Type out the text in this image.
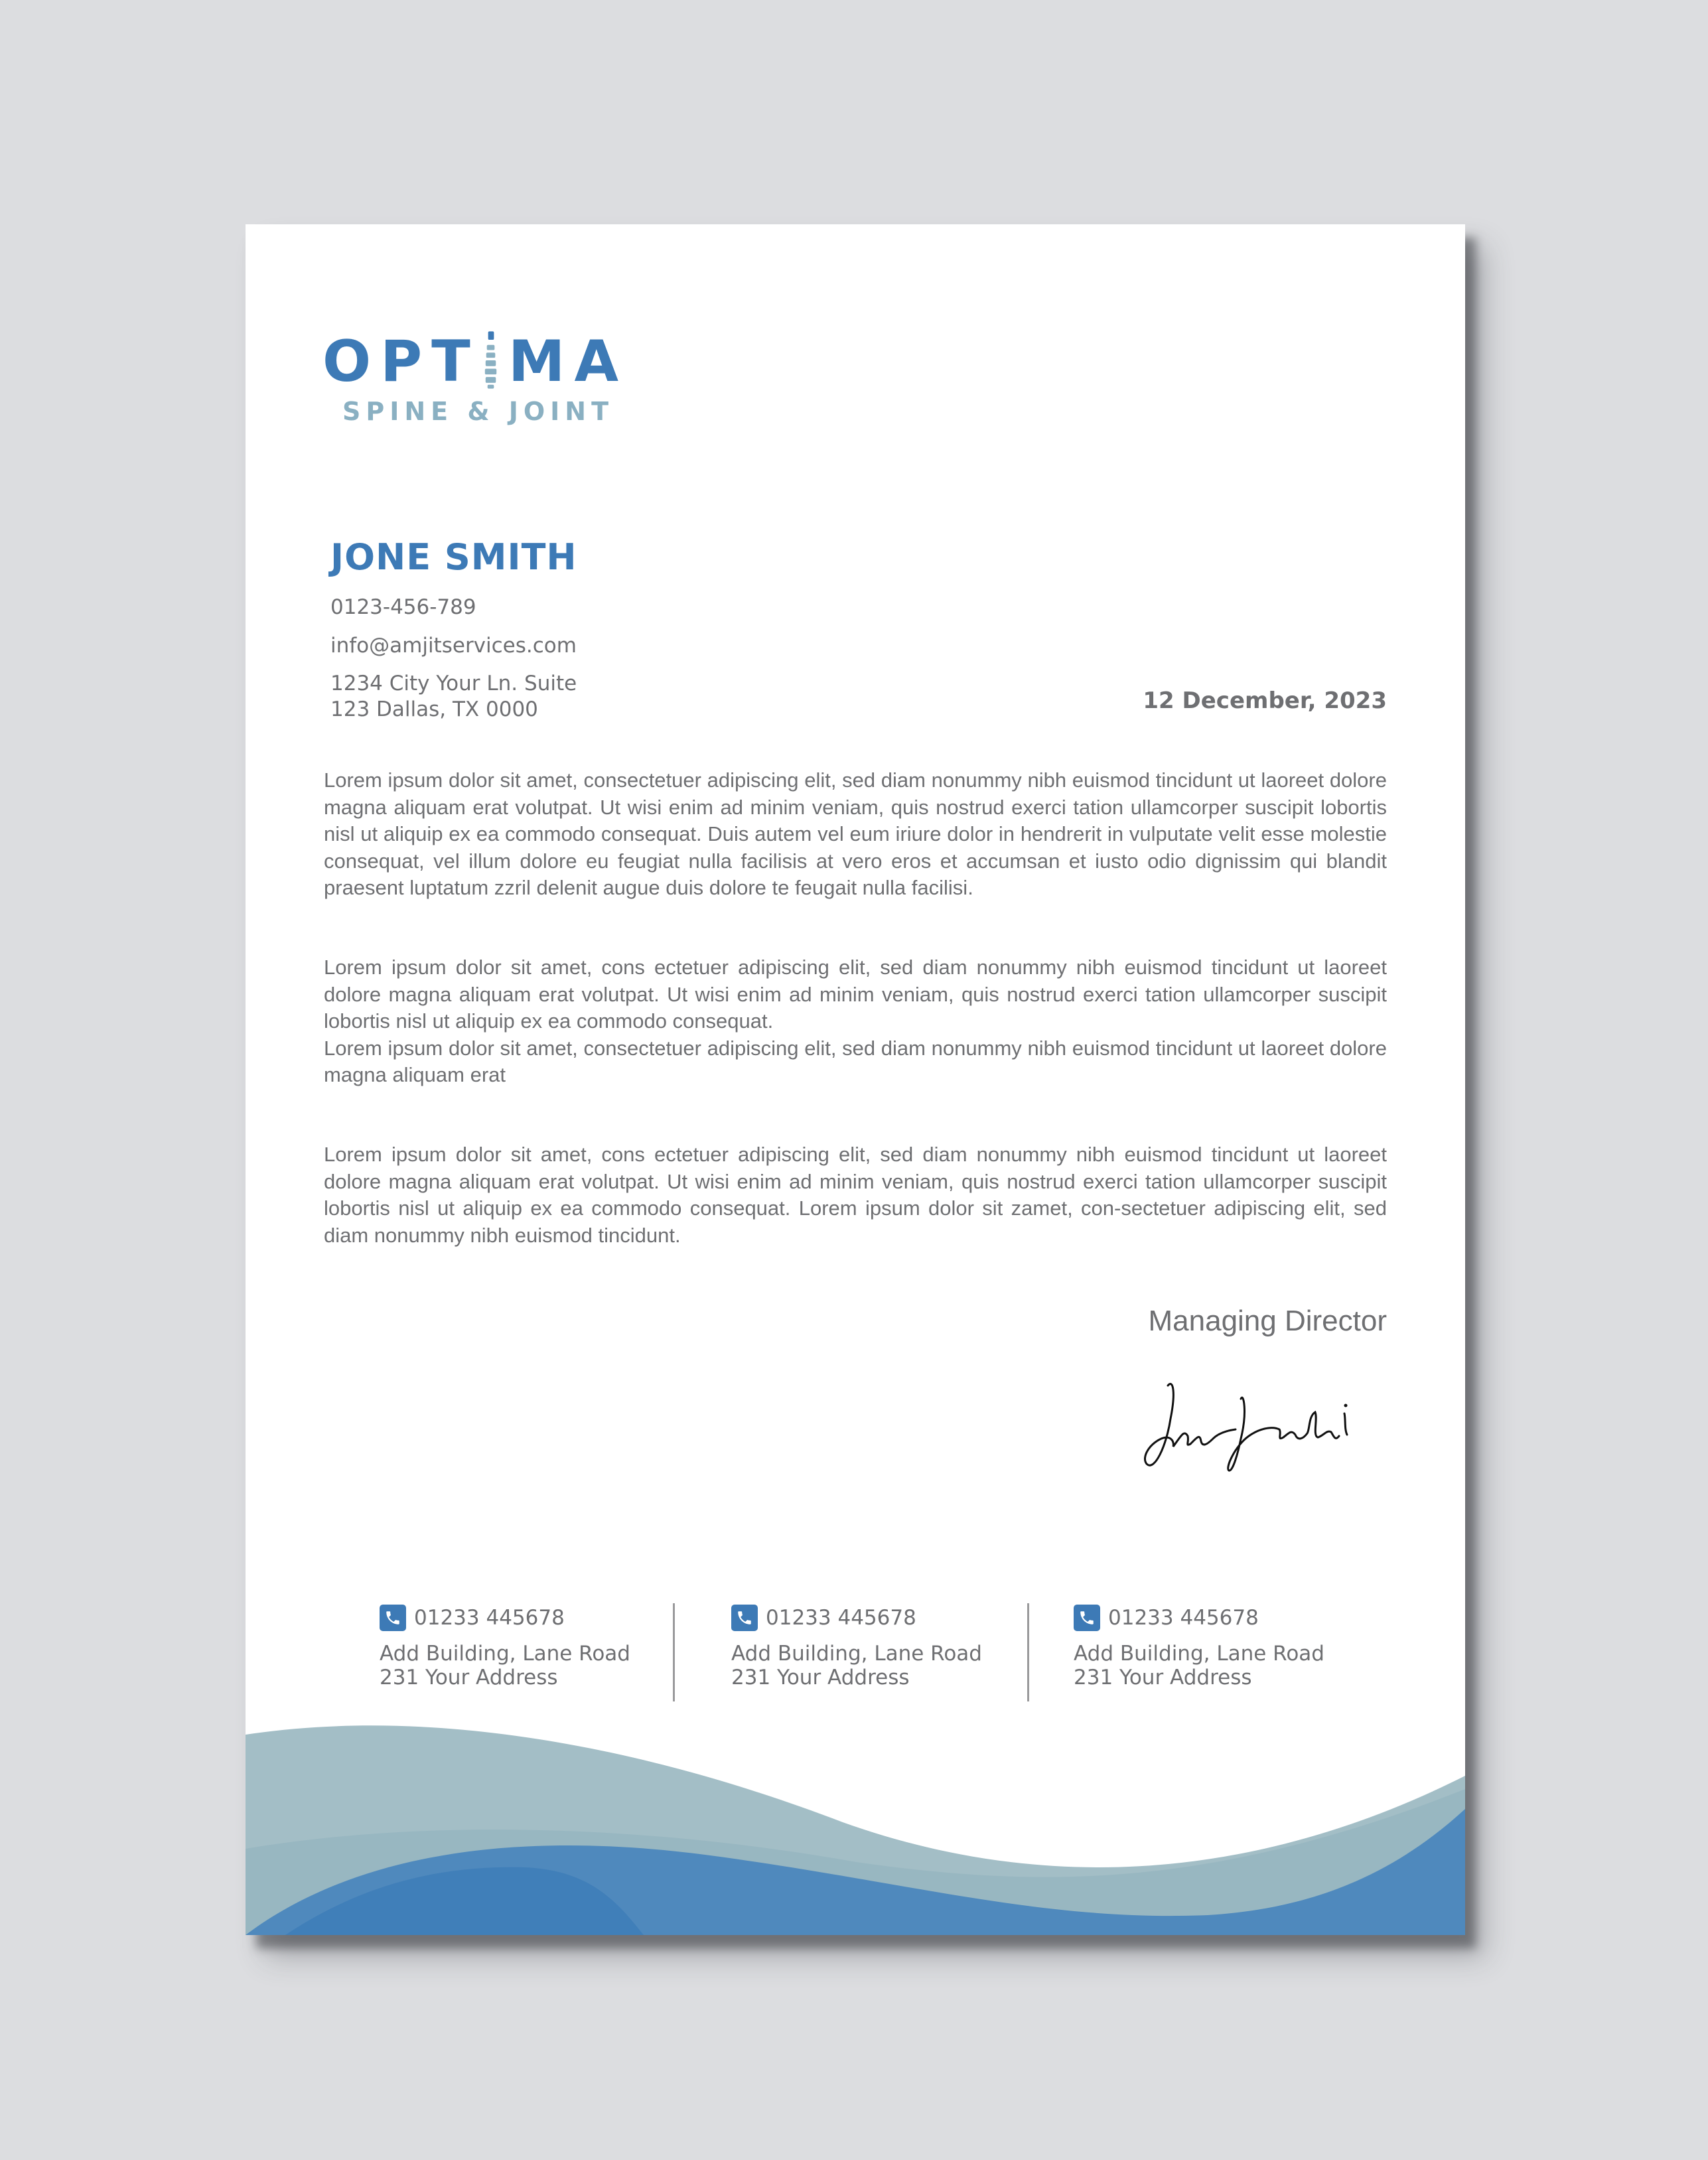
OPT MA
SPINE & JOINT
JONE SMITH
0123-456-789
info@amjitservices.com
1234 City Your Ln. Suite
123 Dallas, TX 0000	12 December, 2023
Lorem ipsum dolor sit amet, consectetuer adipiscing elit, sed diam nonummy nibh euismod tincidunt ut laoreet dolore magna aliquam erat volutpat. Ut wisi enim ad minim veniam, quis nostrud exerci tation ullamcorper suscipit lobortis nisl ut aliquip ex ea commodo consequat. Duis autem vel eum iriure dolor in hendrerit in vulputate velit esse molestie consequat, vel illum dolore eu feugiat nulla facilisis at vero eros et accumsan et iusto odio dignissim qui blandit praesent luptatum zzril delenit augue duis dolore te feugait nulla facilisi.
Lorem ipsum dolor sit amet, cons ectetuer adipiscing elit, sed diam nonummy nibh euismod tincidunt ut laoreet dolore magna aliquam erat volutpat. Ut wisi enim ad minim veniam, quis nostrud exerci tation ullamcorper suscipit lobortis nisl ut aliquip ex ea commodo consequat.
Lorem ipsum dolor sit amet, consectetuer adipiscing elit, sed diam nonummy nibh euismod tincidunt ut laoreet dolore magna aliquam erat
Lorem ipsum dolor sit amet, cons ectetuer adipiscing elit, sed diam nonummy nibh euismod tincidunt ut laoreet dolore magna aliquam erat volutpat. Ut wisi enim ad minim veniam, quis nostrud exerci tation ullamcorper suscipit lobortis nisl ut aliquip ex ea commodo consequat. Lorem ipsum dolor sit zamet, con-sectetuer adipiscing elit, sed diam nonummy nibh euismod tincidunt.
Managing Director
01233 445678
Add Building, Lane Road
231 Your Address
01233 445678
Add Building, Lane Road
231 Your Address
01233 445678
Add Building, Lane Road
231 Your Address
